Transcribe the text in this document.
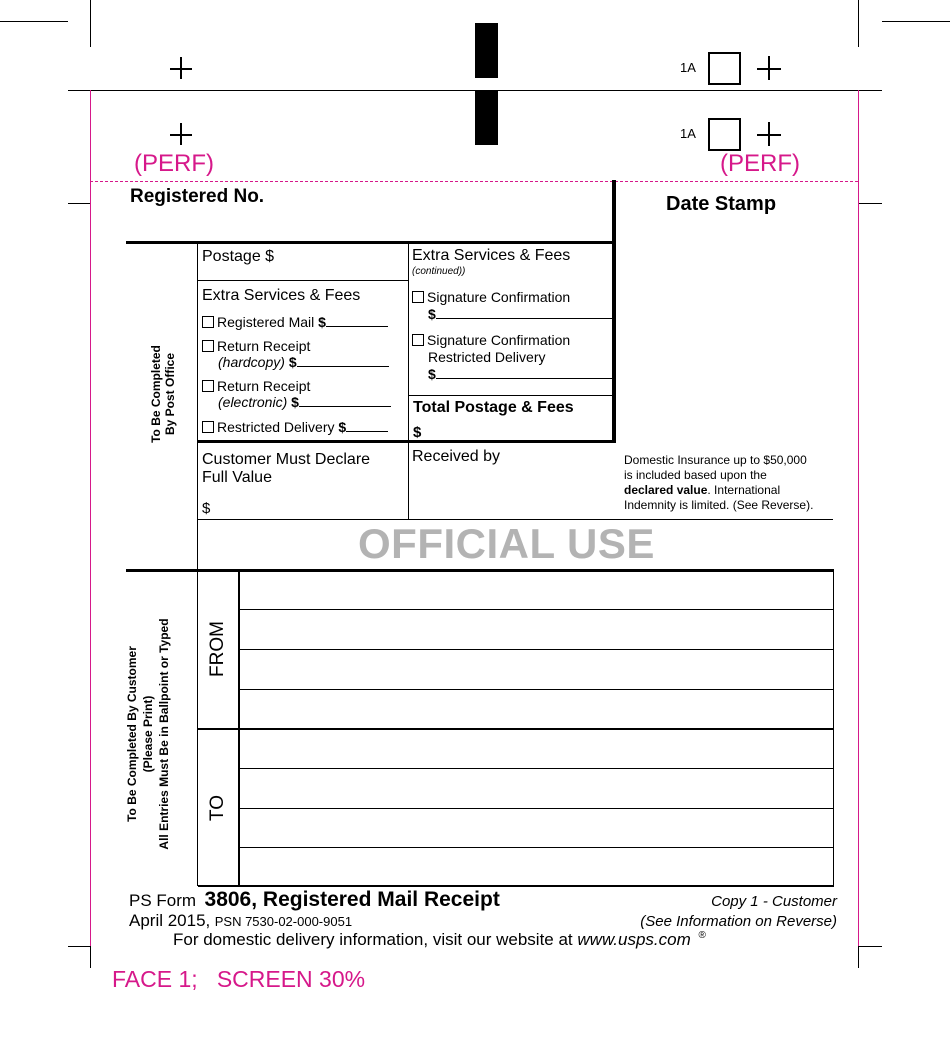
1A
1A
(PERF)	(PERF)
Registered No.	Date Stamp
To Be Completed By Post Office
Postage $
Extra Services & Fees
Registered Mail $
Return Receipt
(hardcopy) $
Return Receipt
(electronic) $
Restricted Delivery $
Extra Services & Fees
(continued))
Signature Confirmation
$
Signature Confirmation
Restricted Delivery
$
Total Postage & Fees
$
Customer Must Declare
Full Value
$
Received by	Domestic Insurance up to $50,000
is included based upon the
declared value. International
Indemnity is limited. (See Reverse).
OFFICIAL USE
To Be Completed By Customer (Please Print) All Entries Must Be in Ballpoint or Typed FROM
TO
PS Form 3806, Registered Mail Receipt
April 2015, PSN 7530-02-000-9051
Copy 1 - Customer
(See Information on Reverse)
For domestic delivery information, visit our website at www.usps.com ®
FACE 1;   SCREEN 30%
